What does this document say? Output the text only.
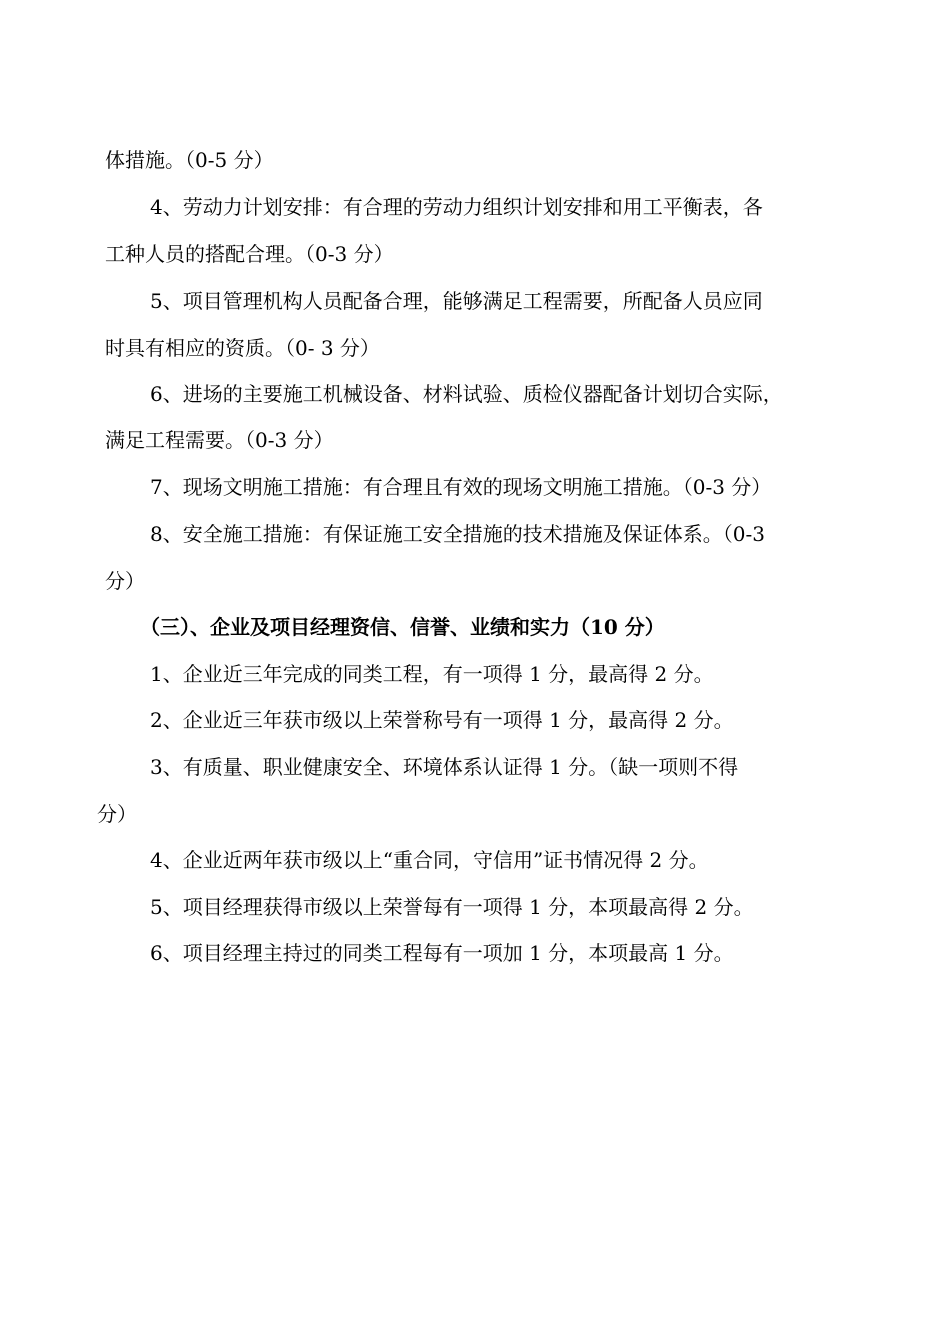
体措施。（0-5 分）
4、劳动力计划安排：有合理的劳动力组织计划安排和用工平衡表，各
工种人员的搭配合理。（0-3 分）
5、项目管理机构人员配备合理，能够满足工程需要，所配备人员应同
时具有相应的资质。（0- 3 分）
6、进场的主要施工机械设备、材料试验、质检仪器配备计划切合实际，
满足工程需要。（0-3 分）
7、现场文明施工措施：有合理且有效的现场文明施工措施。（0-3 分）
8、安全施工措施：有保证施工安全措施的技术措施及保证体系。（0-3
分）
（三）、企业及项目经理资信、信誉、业绩和实力（10 分）
1、企业近三年完成的同类工程，有一项得 1 分，最高得 2 分。
2、企业近三年获市级以上荣誉称号有一项得 1 分，最高得 2 分。
3、有质量、职业健康安全、环境体系认证得 1 分。（缺一项则不得
分）
4、企业近两年获市级以上“重合同，守信用”证书情况得 2 分。
5、项目经理获得市级以上荣誉每有一项得 1 分，本项最高得 2 分。
6、项目经理主持过的同类工程每有一项加 1 分，本项最高 1 分。
